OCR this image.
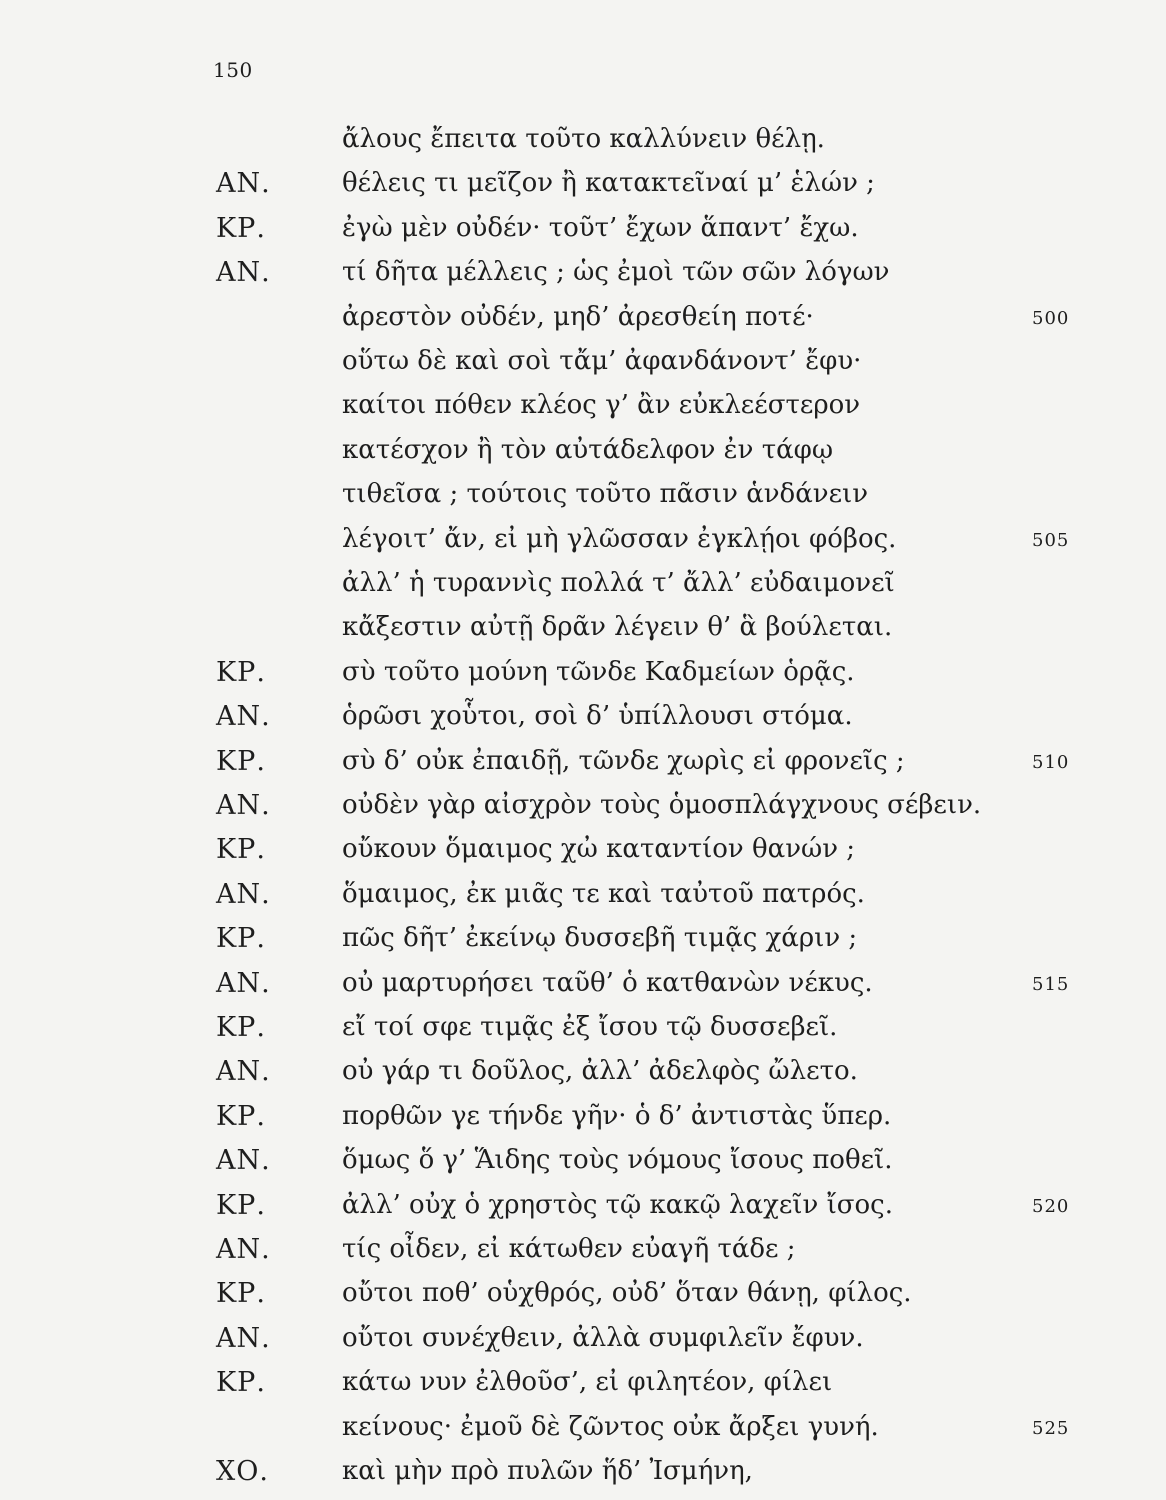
150
ἄλους ἔπειτα τοῦτο καλλύνειν θέλῃ.
ΑΝ.	θέλεις τι μεῖζον ἢ κατακτεῖναί μ’ ἑλών ;
ΚΡ.	ἐγὼ μὲν οὐδέν· τοῦτ’ ἔχων ἅπαντ’ ἔχω.
ΑΝ.	τί δῆτα μέλλεις ; ὡς ἐμοὶ τῶν σῶν λόγων
ἀρεστὸν οὐδέν, μηδ’ ἀρεσθείη ποτέ·	500
οὕτω δὲ καὶ σοὶ τἄμ’ ἀφανδάνοντ’ ἔφυ·
καίτοι πόθεν κλέος γ’ ἂν εὐκλεέστερον
κατέσχον ἢ τὸν αὐτάδελφον ἐν τάφῳ
τιθεῖσα ; τούτοις τοῦτο πᾶσιν ἁνδάνειν
λέγοιτ’ ἄν, εἰ μὴ γλῶσσαν ἐγκλῄοι φόβος.	505
ἀλλ’ ἡ τυραννὶς πολλά τ’ ἄλλ’ εὐδαιμονεῖ
κἄξεστιν αὐτῇ δρᾶν λέγειν θ’ ἃ βούλεται.
ΚΡ.	σὺ τοῦτο μούνη τῶνδε Καδμείων ὁρᾷς.
ΑΝ.	ὁρῶσι χοὗτοι, σοὶ δ’ ὑπίλλουσι στόμα.
ΚΡ.	σὺ δ’ οὐκ ἐπαιδῇ, τῶνδε χωρὶς εἰ φρονεῖς ;	510
ΑΝ.	οὐδὲν γὰρ αἰσχρὸν τοὺς ὁμοσπλάγχνους σέβειν.
ΚΡ.	οὔκουν ὅμαιμος χὠ καταντίον θανών ;
ΑΝ.	ὅμαιμος, ἐκ μιᾶς τε καὶ ταὐτοῦ πατρός.
ΚΡ.	πῶς δῆτ’ ἐκείνῳ δυσσεβῆ τιμᾷς χάριν ;
ΑΝ.	οὐ μαρτυρήσει ταῦθ’ ὁ κατθανὼν νέκυς.	515
ΚΡ.	εἴ τοί σφε τιμᾷς ἐξ ἴσου τῷ δυσσεβεῖ.
ΑΝ.	οὐ γάρ τι δοῦλος, ἀλλ’ ἀδελφὸς ὤλετο.
ΚΡ.	πορθῶν γε τήνδε γῆν· ὁ δ’ ἀντιστὰς ὕπερ.
ΑΝ.	ὅμως ὅ γ’ Ἅιδης τοὺς νόμους ἴσους ποθεῖ.
ΚΡ.	ἀλλ’ οὐχ ὁ χρηστὸς τῷ κακῷ λαχεῖν ἴσος.	520
ΑΝ.	τίς οἶδεν, εἰ κάτωθεν εὐαγῆ τάδε ;
ΚΡ.	οὔτοι ποθ’ οὑχθρός, οὐδ’ ὅταν θάνῃ, φίλος.
ΑΝ.	οὔτοι συνέχθειν, ἀλλὰ συμφιλεῖν ἔφυν.
ΚΡ.	κάτω νυν ἐλθοῦσ’, εἰ φιλητέον, φίλει
κείνους· ἐμοῦ δὲ ζῶντος οὐκ ἄρξει γυνή.	525
ΧΟ.	καὶ μὴν πρὸ πυλῶν ἥδ’ Ἰσμήνη,
